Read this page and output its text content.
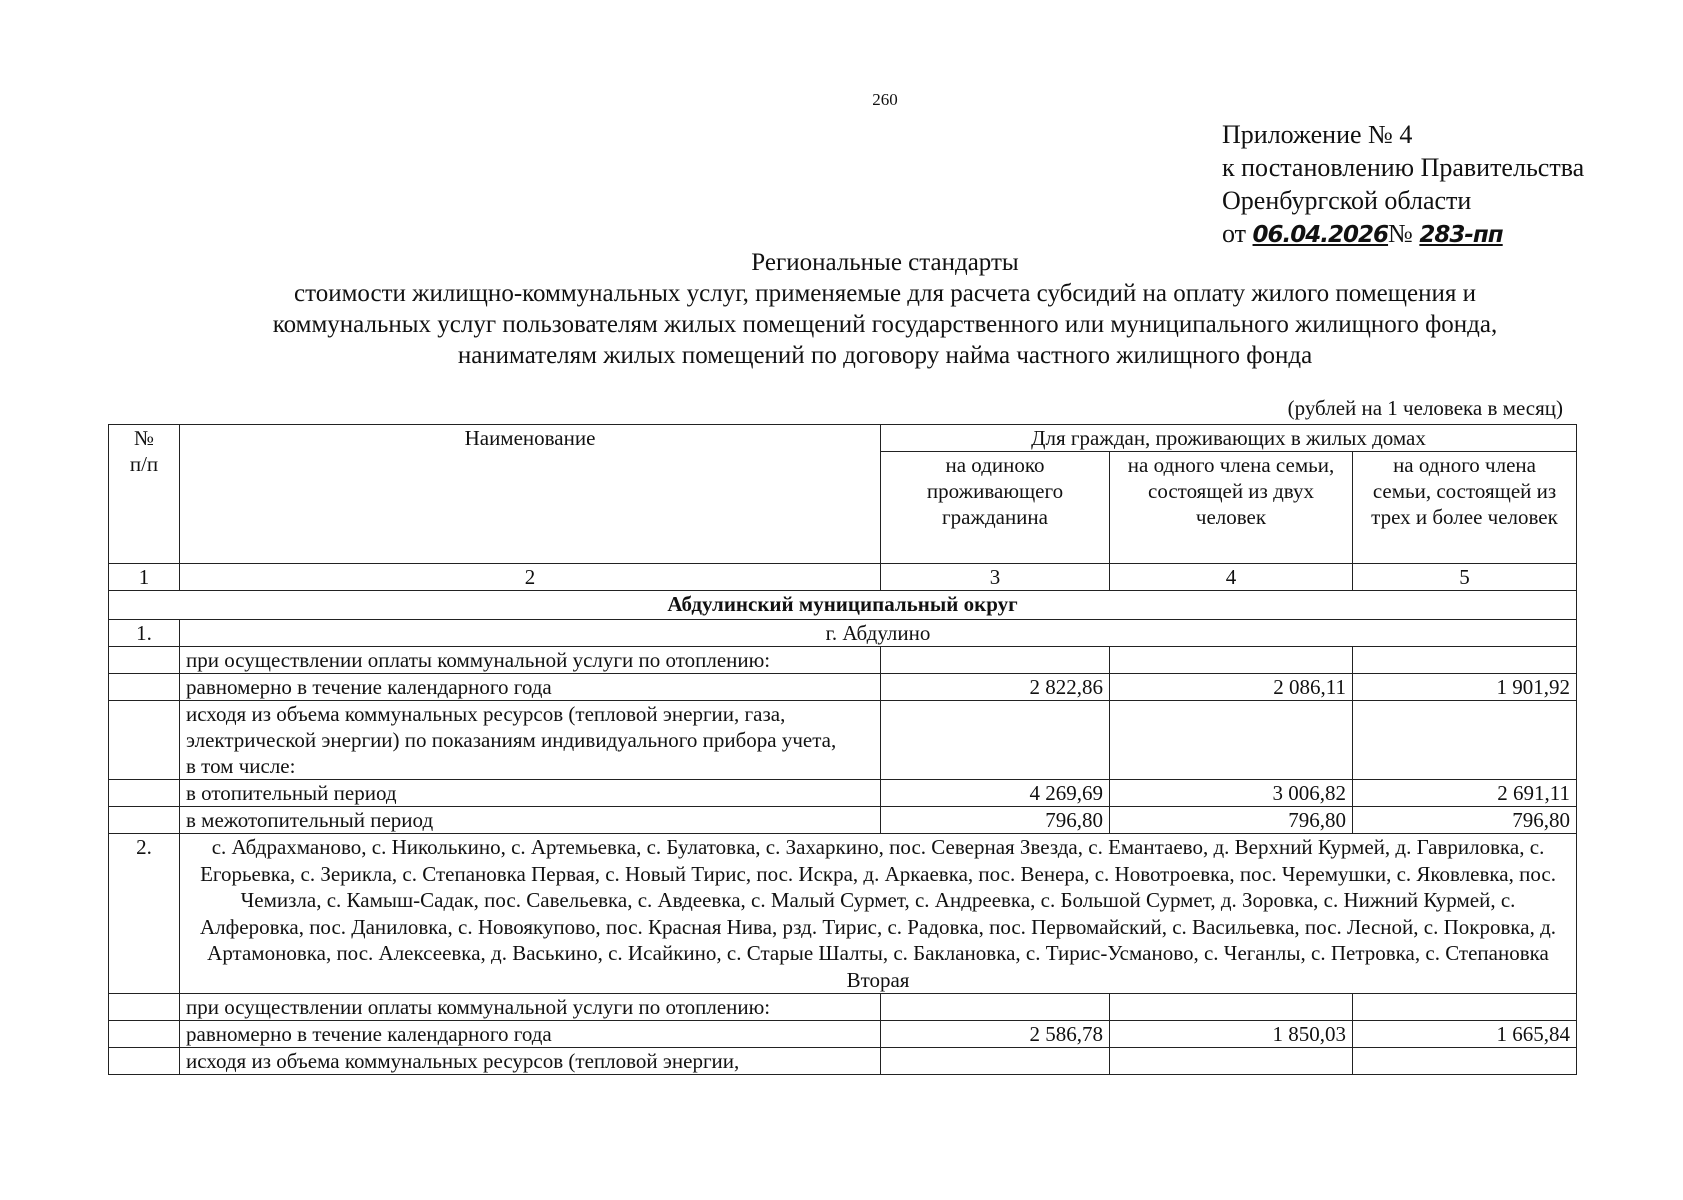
260
Приложение № 4
к постановлению Правительства
Оренбургской области
от 06.04.2026№ 283-пп
Региональные стандарты
стоимости жилищно-коммунальных услуг, применяемые для расчета субсидий на оплату жилого помещения и
коммунальных услуг пользователям жилых помещений государственного или муниципального жилищного фонда,
нанимателям жилых помещений по договору найма частного жилищного фонда
(рублей на 1 человека в месяц)
№ п/п	Наименование	Для граждан, проживающих в жилых домах		
		на одиноко проживающего гражданина	на одного члена семьи, состоящей из двух человек	на одного члена семьи, состоящей из трех и более человек
1	2	3	4	5
Абдулинский муниципальный округ				
1.	г. Абдулино			
	при осуществлении оплаты коммунальной услуги по отоплению:			
	равномерно в течение календарного года	2 822,86	2 086,11	1 901,92
	исходя из объема коммунальных ресурсов (тепловой энергии, газа, электрической энергии) по показаниям индивидуального прибора учета, в том числе:			
	в отопительный период	4 269,69	3 006,82	2 691,11
	в межотопительный период	796,80	796,80	796,80
2.	с. Абдрахманово, с. Николькино, с. Артемьевка, с. Булатовка, с. Захаркино, пос. Северная Звезда, с. Емантаево, д. Верхний Курмей, д. Гавриловка, с. Егорьевка, с. Зерикла, с. Степановка Первая, с. Новый Тирис, пос. Искра, д. Аркаевка, пос. Венера, с. Новотроевка, пос. Черемушки, с. Яковлевка, пос. Чемизла, с. Камыш-Садак, пос. Савельевка, с. Авдеевка, с. Малый Сурмет, с. Андреевка, с. Большой Сурмет, д. Зоровка, с. Нижний Курмей, с. Алферовка, пос. Даниловка, с. Новоякупово, пос. Красная Нива, рзд. Тирис, с. Радовка, пос. Первомайский, с. Васильевка, пос. Лесной, с. Покровка, д. Артамоновка, пос. Алексеевка, д. Васькино, с. Исайкино, с. Старые Шалты, с. Баклановка, с. Тирис-Усманово, с. Чеганлы, с. Петровка, с. Степановка Вторая			
	при осуществлении оплаты коммунальной услуги по отоплению:			
	равномерно в течение календарного года	2 586,78	1 850,03	1 665,84
	исходя из объема коммунальных ресурсов (тепловой энергии,			
